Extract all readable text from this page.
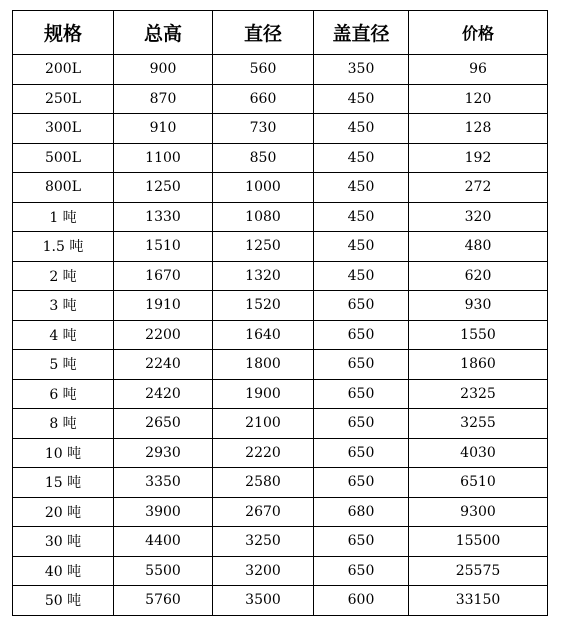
规格	总高	直径	盖直径	价格
200L	900	560	350	96
250L	870	660	450	120
300L	910	730	450	128
500L	1100	850	450	192
800L	1250	1000	450	272
1 吨	1330	1080	450	320
1.5 吨	1510	1250	450	480
2 吨	1670	1320	450	620
3 吨	1910	1520	650	930
4 吨	2200	1640	650	1550
5 吨	2240	1800	650	1860
6 吨	2420	1900	650	2325
8 吨	2650	2100	650	3255
10 吨	2930	2220	650	4030
15 吨	3350	2580	650	6510
20 吨	3900	2670	680	9300
30 吨	4400	3250	650	15500
40 吨	5500	3200	650	25575
50 吨	5760	3500	600	33150
